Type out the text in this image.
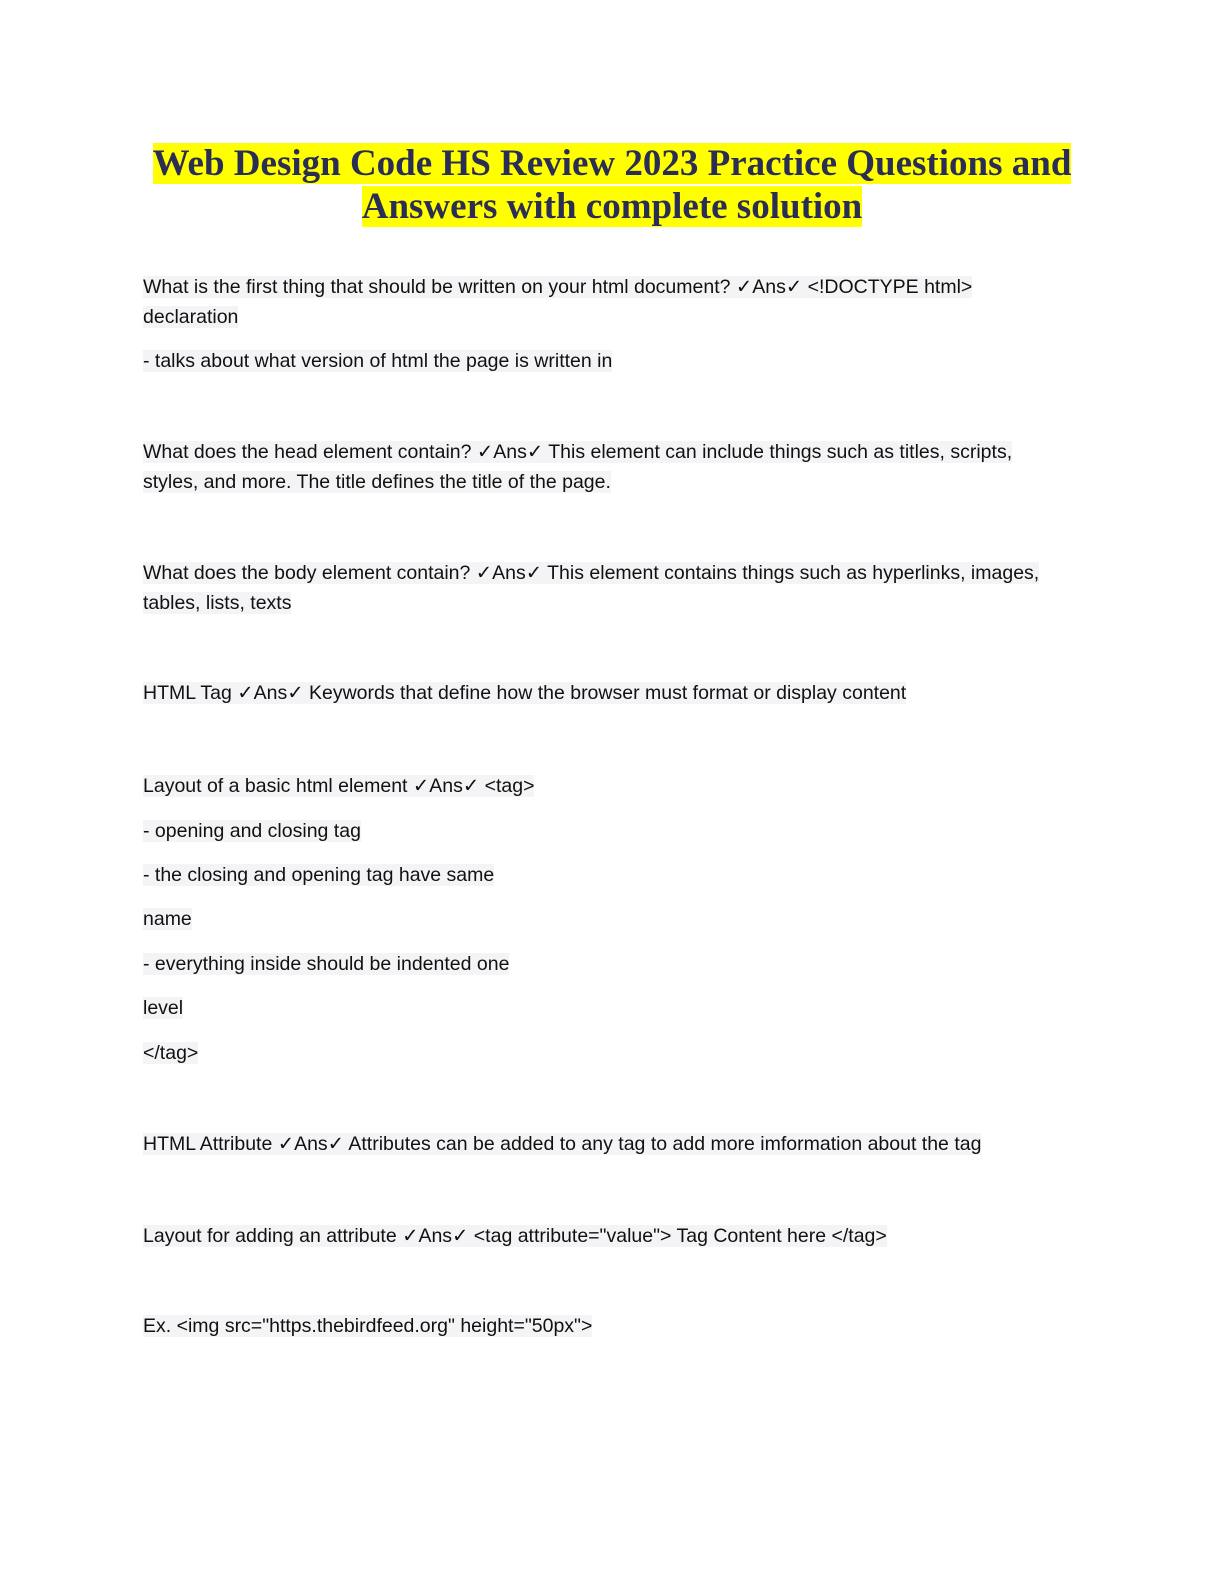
Web Design Code HS Review 2023 Practice Questions and
Answers with complete solution
What is the first thing that should be written on your html document? ✓Ans✓ <!DOCTYPE html> declaration
- talks about what version of html the page is written in
What does the head element contain? ✓Ans✓ This element can include things such as titles, scripts, styles, and more. The title defines the title of the page.
What does the body element contain? ✓Ans✓ This element contains things such as hyperlinks, images, tables, lists, texts
HTML Tag ✓Ans✓ Keywords that define how the browser must format or display content
Layout of a basic html element ✓Ans✓ <tag>
- opening and closing tag
- the closing and opening tag have same
name
- everything inside should be indented one
level
</tag>
HTML Attribute ✓Ans✓ Attributes can be added to any tag to add more imformation about the tag
Layout for adding an attribute ✓Ans✓ <tag attribute="value"> Tag Content here </tag>
Ex. <img src="https.thebirdfeed.org" height="50px">
